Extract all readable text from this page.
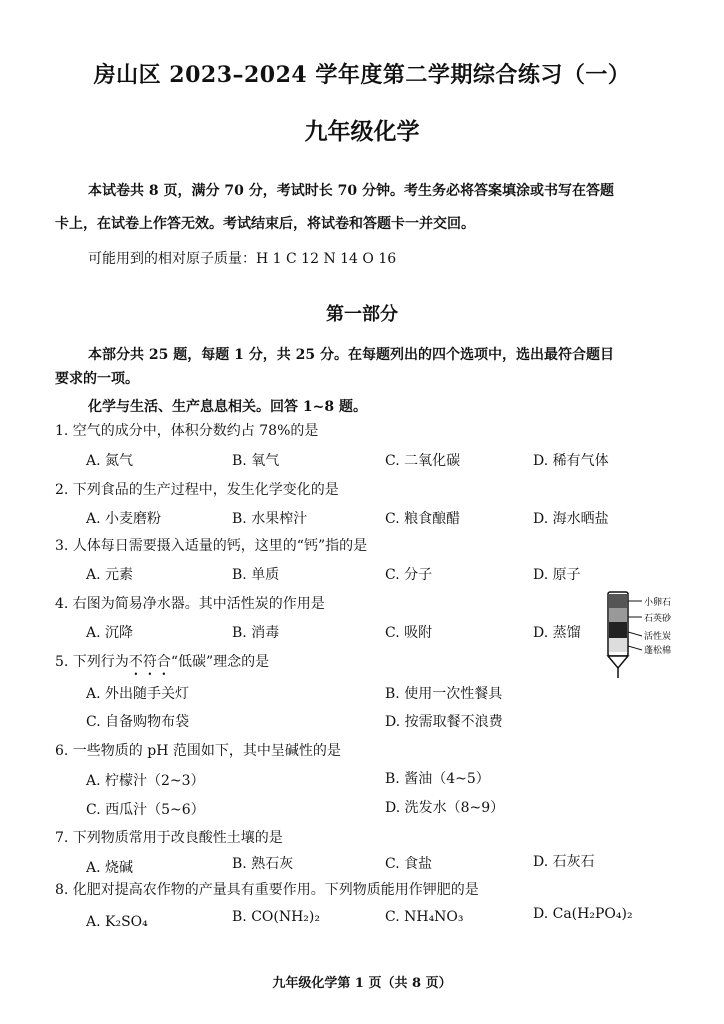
房山区 2023–2024 学年度第二学期综合练习（一）
九年级化学
本试卷共 8 页，满分 70 分，考试时长 70 分钟。考生务必将答案填涂或书写在答题
卡上，在试卷上作答无效。考试结束后，将试卷和答题卡一并交回。
可能用到的相对原子质量：H 1 C 12 N 14 O 16
第一部分
本部分共 25 题，每题 1 分，共 25 分。在每题列出的四个选项中，选出最符合题目
要求的一项。
化学与生活、生产息息相关。回答 1~8 题。
1. 空气的成分中，体积分数约占 78%的是
A. 氮气	B. 氧气	C. 二氧化碳	D. 稀有气体
2. 下列食品的生产过程中，发生化学变化的是
A. 小麦磨粉	B. 水果榨汁	C. 粮食酿醋	D. 海水晒盐
3. 人体每日需要摄入适量的钙，这里的“钙”指的是
A. 元素	B. 单质	C. 分子	D. 原子
4. 右图为简易净水器。其中活性炭的作用是
A. 沉降	B. 消毒	C. 吸附	D. 蒸馏
小卵石
石英砂
活性炭
蓬松棉
5. 下列行为不符合“低碳”理念的是
A. 外出随手关灯	B. 使用一次性餐具
C. 自备购物布袋	D. 按需取餐不浪费
6. 一些物质的 pH 范围如下，其中呈碱性的是
A. 柠檬汁（2~3）	B. 酱油（4~5）
C. 西瓜汁（5~6）	D. 洗发水（8~9）
7. 下列物质常用于改良酸性土壤的是
A. 烧碱	B. 熟石灰	C. 食盐	D. 石灰石
8. 化肥对提高农作物的产量具有重要作用。下列物质能用作钾肥的是
A. K₂SO₄	B. CO(NH₂)₂	C. NH₄NO₃	D. Ca(H₂PO₄)₂
九年级化学第 1 页（共 8 页）
